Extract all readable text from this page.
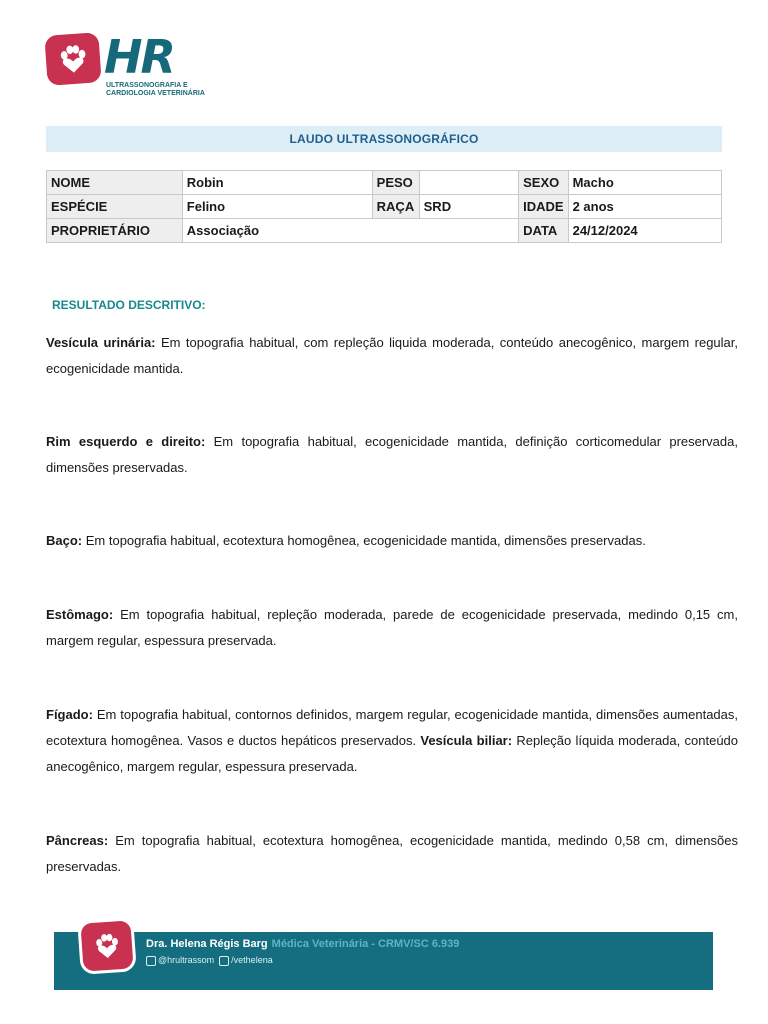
HR
ULTRASSONOGRAFIA E CARDIOLOGIA VETERINÁRIA
LAUDO ULTRASSONOGRÁFICO
NOME	Robin	PESO		SEXO	Macho
ESPÉCIE	Felino	RAÇA	SRD	IDADE	2 anos
PROPRIETÁRIO	Associação			DATA	24/12/2024
RESULTADO DESCRITIVO:
Vesícula urinária: Em topografia habitual, com repleção liquida moderada, conteúdo anecogênico, margem regular, ecogenicidade mantida.
Rim esquerdo e direito: Em topografia habitual, ecogenicidade mantida, definição corticomedular preservada, dimensões preservadas.
Baço: Em topografia habitual, ecotextura homogênea, ecogenicidade mantida, dimensões preservadas.
Estômago: Em topografia habitual, repleção moderada, parede de ecogenicidade preservada, medindo 0,15 cm, margem regular, espessura preservada.
Fígado: Em topografia habitual, contornos definidos, margem regular, ecogenicidade mantida, dimensões aumentadas, ecotextura homogênea. Vasos e ductos hepáticos preservados. Vesícula biliar: Repleção líquida moderada, conteúdo anecogênico, margem regular, espessura preservada.
Pâncreas: Em topografia habitual, ecotextura homogênea, ecogenicidade mantida, medindo 0,58 cm, dimensões preservadas.
Dra. Helena Régis Barg Médica Veterinária - CRMV/SC 6.939
@hrultrassom /vethelena
